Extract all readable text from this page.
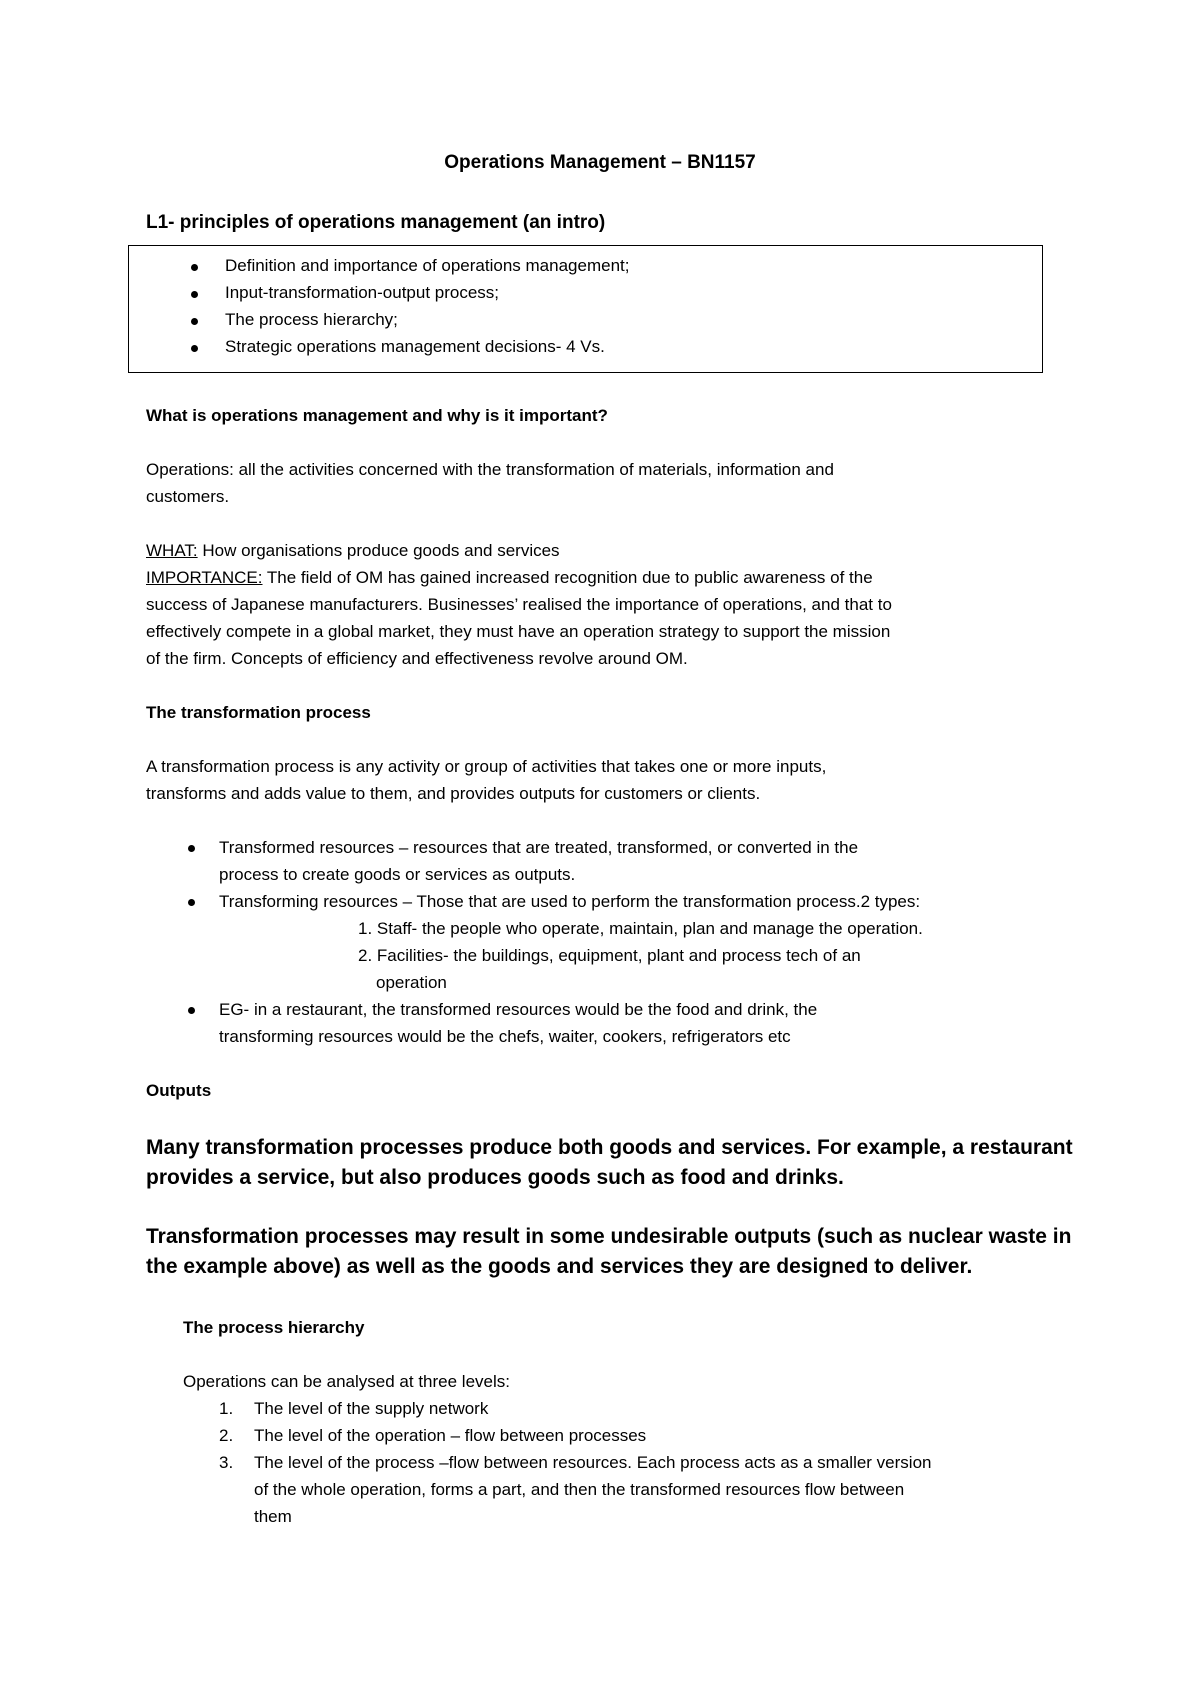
Operations Management – BN1157
L1- principles of operations management (an intro)
Definition and importance of operations management;
Input-transformation-output process;
The process hierarchy;
Strategic operations management decisions- 4 Vs.
What is operations management and why is it important?
Operations: all the activities concerned with the transformation of materials, information and
customers.
WHAT: How organisations produce goods and services
IMPORTANCE: The field of OM has gained increased recognition due to public awareness of the
success of Japanese manufacturers. Businesses’ realised the importance of operations, and that to
effectively compete in a global market, they must have an operation strategy to support the mission
of the firm. Concepts of efficiency and effectiveness revolve around OM.
The transformation process
A transformation process is any activity or group of activities that takes one or more inputs,
transforms and adds value to them, and provides outputs for customers or clients.
Transformed resources – resources that are treated, transformed, or converted in the
process to create goods or services as outputs.
Transforming resources – Those that are used to perform the transformation process.2 types:
1. Staff- the people who operate, maintain, plan and manage the operation.
2. Facilities- the buildings, equipment, plant and process tech of an
operation
EG- in a restaurant, the transformed resources would be the food and drink, the
transforming resources would be the chefs, waiter, cookers, refrigerators etc
Outputs
Many transformation processes produce both goods and services. For example, a restaurant
provides a service, but also produces goods such as food and drinks.
Transformation processes may result in some undesirable outputs (such as nuclear waste in
the example above) as well as the goods and services they are designed to deliver.
The process hierarchy
Operations can be analysed at three levels:
1. The level of the supply network
2. The level of the operation – flow between processes
3. The level of the process –flow between resources. Each process acts as a smaller version
of the whole operation, forms a part, and then the transformed resources flow between
them
